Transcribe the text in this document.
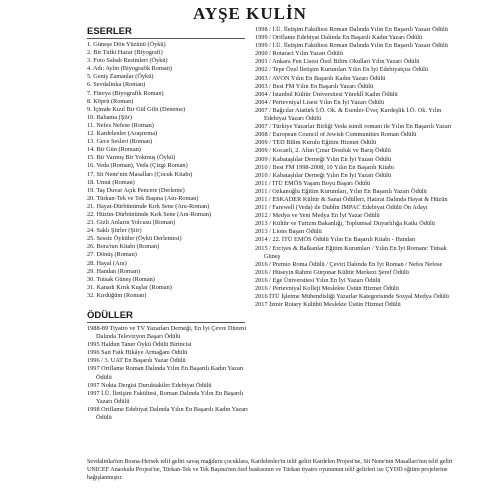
AYŞE KULİN
ESERLER
1. Güneşe Dön Yüzünü (Öykü)
2. Bir Tutki Hazar (Biyografi)
3. Foto Sabah Resimleri (Öykü)
4. Adı: Aylin (Biyografik Roman)
5. Geniş Zamanlar (Öykü)
6. Sevdalinka (Roman)
7. Füreya (Biyografik Roman)
8. Köprü (Roman)
9. İçimde Kızıl Bir Gül Gibi (Deneme)
10. Babama (Şiir)
11. Nefes Nefese (Roman)
12. Kardelenler (Araştırma)
13. Gece Sesleri (Roman)
14. Bir Gün (Roman)
15. Bir Varmış Bir Yokmuş (Öykü)
16. Veda (Roman), Veda (Çizgi Roman)
17. Sit Nene'nin Masalları (Çocuk Kitabı)
18. Umut (Roman)
19. Taş Duvar Açık Pencere (Derleme)
20. Türkan-Tek ve Tek Başına (Anı-Roman)
21. Hayat-Dürbünümde Kırk Sene (Anı-Roman)
22. Hüzün-Dürbünümde Kırk Sene (Anı-Roman)
23. Gizli Anların Yolcusu (Roman)
24. Saklı Şiirler (Şiir)
25. Sessiz Öyküler (Öykü Derlemesi)
26. Bora'nın Kitabı (Roman)
27. Dönüş (Roman)
28. Hayal (Anı)
29. Handan (Roman)
30. Tutsak Güneş (Roman)
31. Kanadı Kırık Kuşlar (Roman)
32. Kırdüğüm (Roman)
ÖDÜLLER
1988-89 Tiyatro ve TV Yazarları Derneği, En İyi Çevre Düzeni Dalında Televizyon Başarı Ödülü
1995 Haldun Taner Öykü Ödülü Birincisi
1996 Sait Faik Hikâye Armağanı Ödülü
1996 / 3. UAT En Başarılı Yazar Ödülü
1997 Oriflame Roman Dalında Yılın En Başarılı Kadın Yazarı Ödülü
1997 Nokta Dergisi Duruktakiler Edebiyat Ödülü
1997 İ.Ü. İletişim Fakültesi, Roman Dalında Yılın En Başarılı Yazarı Ödülü
1998 Oriflame Edebiyat Dalında Yılın En Başarılı Kadın Yazarı Ödülü
1998 / İ.Ü. İletişim Fakültesi Roman Dalında Yılın En Başarılı Yazarı Ödülü
1999 / Oriflame Edebiyat Dalında En Başarılı Kadın Yazarı Ödülü
1999 / İ.Ü. İletişim Fakültesi Roman Dalında Yılın En Başarılı Yazarı Ödülü
2000 / Rotaract Yılın Yazarı Ödülü
2001 / Ankara Fen Lisesi Özel Bilim Okulları Yılın Yazarı Ödülü
2002 / Tepe Özel İletişim Kurumları Yılın En İyi Edebiyatçısı Ödülü
2003 / AVON Yılın En Başarılı Kadın Yazarı Ödülü
2003 / Best FM Yılın En Başarılı Yazarı Ödülü
2004 / İstanbul Kültür Üniversitesi Yüreklî Kadın Ödülü
2004 / Pertevniyal Lisesi Yılın En İyi Yazarı Ödülü
2007 / Bağcılar Atatürk İ.Ö. Ok. & Esenler-Üveç Kardeşlik İ.Ö. Ok. Yılın Edebiyat Yazarı Ödülü
2007 / Türkiye Yazarlar Birliği Veda isimli romanı ile Yılın En Başarılı Yazarı
2008 / European Council of Jewish Communities Roman Ödülü
2009 / TED Bilim Kurulu Eğitim Hizmet Ödülü
2009 / Kocaeli, 2. Altın Çınar Dostluk ve Barış Ödülü
2009 / Kabataşlılar Derneği Yılın En İyi Yazarı Ödülü
2010 / Best FM 1998-2008, 10 Yılın En Başarılı Kitabı
2010 / Kabataşlılar Derneği Yılın En İyi Yazarı Ödülü
2011 / İTÜ EMÖS Yaşam Boyu Başarı Ödülü
2011 / Ozkanoğlu Eğitim Kurumları, Yılın En Başarılı Yazarı Ödülü
2011 / ESKADER Kültür & Sanat Ödülleri, Hatırat Dalında Hayat & Hüzün
2011 / Farewell (Veda) ile Dublin IMPAC Edebiyat Ödülü Ön Adayı
2012 / Medya ve Yeni Medya En İyi Yazar Ödülü
2013 / Kültür ve Turizm Bakanlığı, Toplumsal Duyarlılığa Katkı Ödülü
2013 / Lions Başarı Ödülü
2014 / 22. İTÜ EMÖS Ödülü Yılın En Başarılı Kitabı - Handan
2015 / Erciyes & Balkanlar Eğitim Kurumları / Yılın En İyi Romanı: Tutsak Güneş
2016 / Premio Roma Ödülü / Çeviri Dalında En İyi Roman / Nefes Nefese
2016 / Hüseyin Rahmi Gürpınar Kültür Merkezi Şeref Ödülü
2016 / Ege Üniversitesi Yılın En İyi Yazarı Ödülü
2016 / Pertevniyal Kolleji Meslekte Üstün Hizmet Ödülü
2016 İTÜ İşletme Mühendisliği Yazarlar Kategorisinde Sosyal Medya Ödülü
2017 İzmir Rotary Kulübü Meslekte Üstün Hizmet Ödülü

Sevdalinka'nın Bosna-Hersek telif geliri savaş mağduru çocuklara, Kardelenler'in telif geliri Kardelen Projesi'ne, Sit Nene'nin Masalları'nın telif geliri UNICEF Anaokulu Projesi'ne, Türkan-Tek ve Tek Başına'nın özel baskısının ve Türkan tiyatro oyununun telif gelirleri ise ÇYDD eğitim projelerine bağışlanmıştır.
